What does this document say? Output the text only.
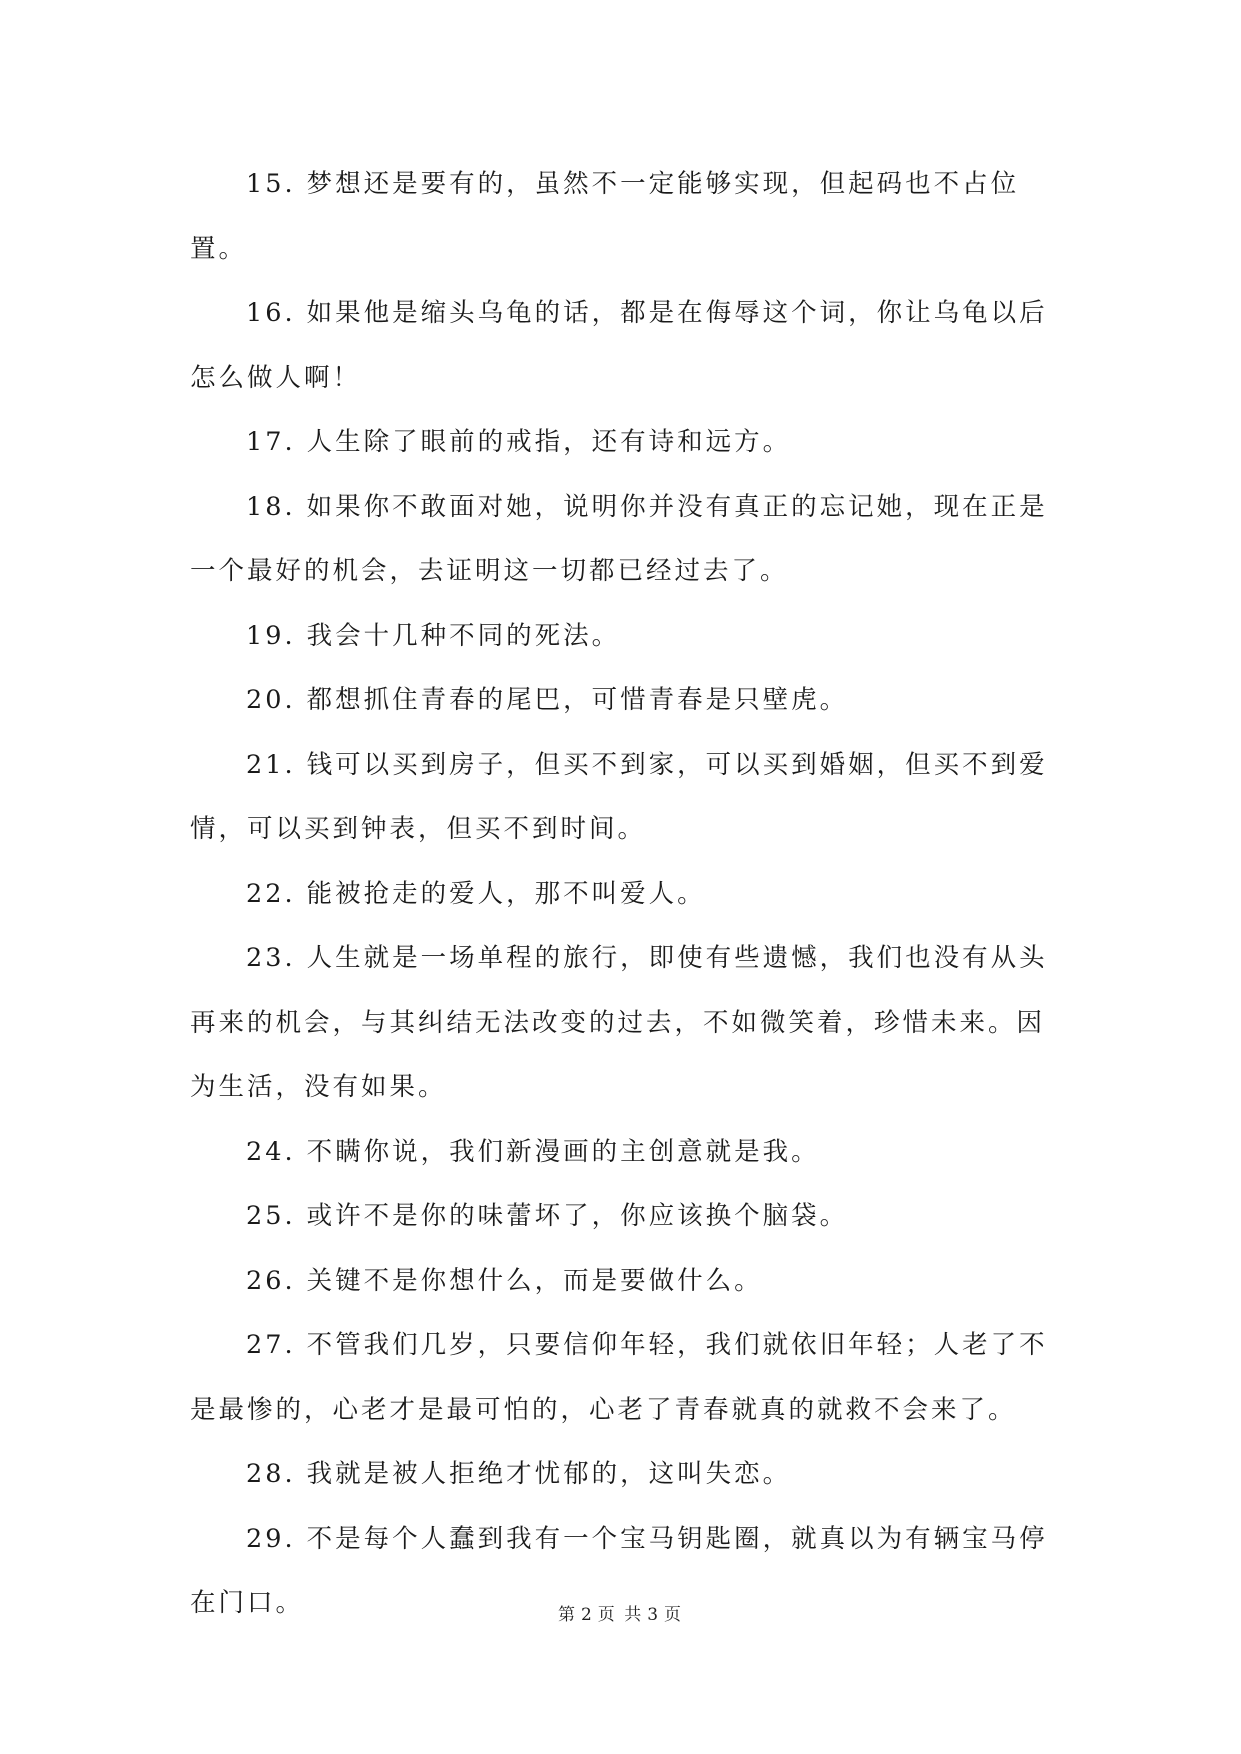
15. 梦想还是要有的，虽然不一定能够实现，但起码也不占位置。

16. 如果他是缩头乌龟的话，都是在侮辱这个词，你让乌龟以后怎么做人啊！

17. 人生除了眼前的戒指，还有诗和远方。

18. 如果你不敢面对她，说明你并没有真正的忘记她，现在正是一个最好的机会，去证明这一切都已经过去了。

19. 我会十几种不同的死法。

20. 都想抓住青春的尾巴，可惜青春是只壁虎。

21. 钱可以买到房子，但买不到家，可以买到婚姻，但买不到爱情，可以买到钟表，但买不到时间。

22. 能被抢走的爱人，那不叫爱人。

23. 人生就是一场单程的旅行，即使有些遗憾，我们也没有从头再来的机会，与其纠结无法改变的过去，不如微笑着，珍惜未来。因为生活，没有如果。

24. 不瞒你说，我们新漫画的主创意就是我。

25. 或许不是你的味蕾坏了，你应该换个脑袋。

26. 关键不是你想什么，而是要做什么。

27. 不管我们几岁，只要信仰年轻，我们就依旧年轻；人老了不是最惨的，心老才是最可怕的，心老了青春就真的就救不会来了。

28. 我就是被人拒绝才忧郁的，这叫失恋。

29. 不是每个人蠢到我有一个宝马钥匙圈，就真以为有辆宝马停在门口。	第 2 页 共 3 页
